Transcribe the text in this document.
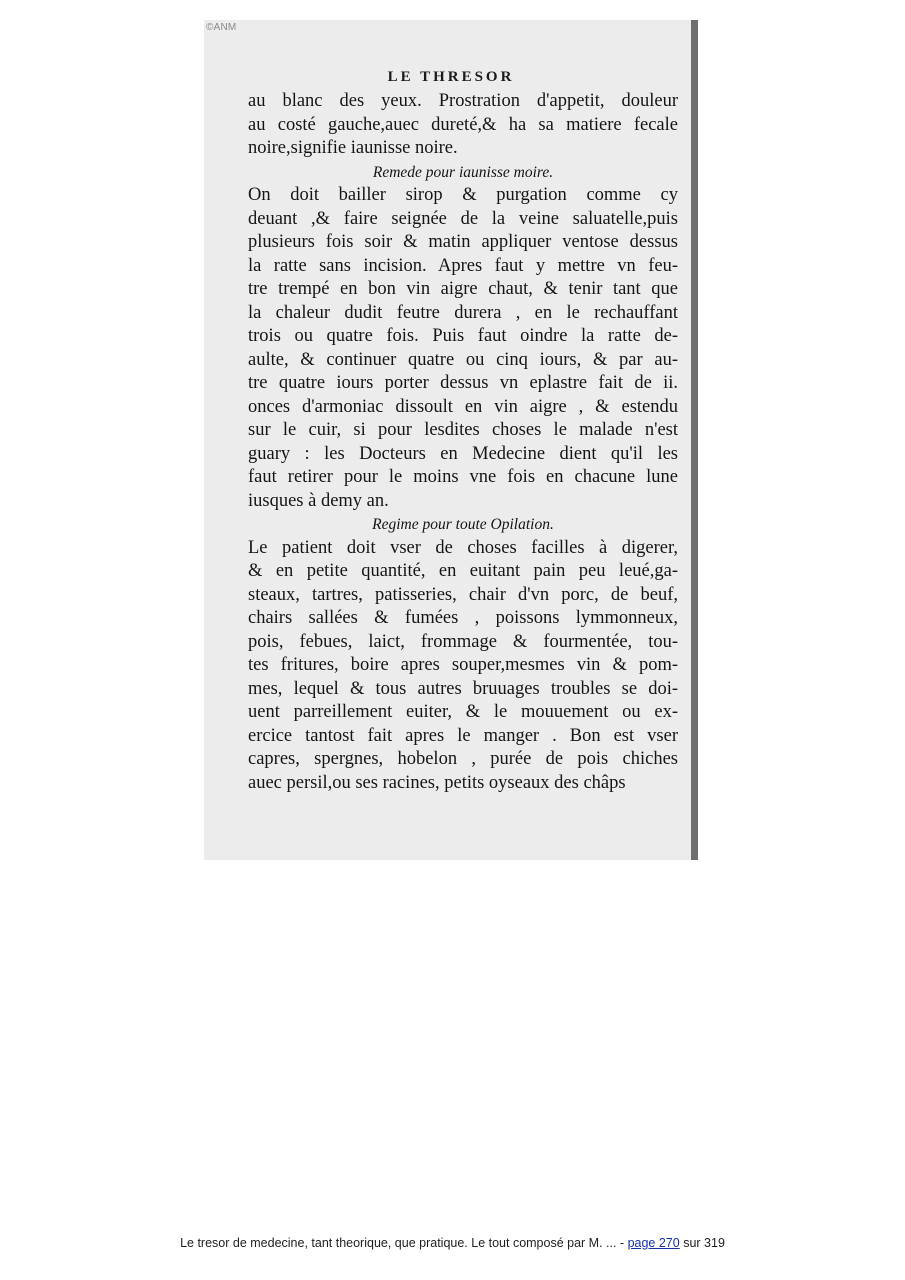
©ANM
LE THRESOR
au blanc des yeux. Prostration d'appetit, douleur
au costé gauche,auec dureté,& ha sa matiere fecale
noire,signifie iaunisse noire.
Remede pour iaunisse moire.
On doit bailler sirop & purgation comme cy
deuant ,& faire seignée de la veine saluatelle,puis
plusieurs fois soir & matin appliquer ventose dessus
la ratte sans incision. Apres faut y mettre vn feu-
tre trempé en bon vin aigre chaut, & tenir tant que
la chaleur dudit feutre durera , en le rechauffant
trois ou quatre fois. Puis faut oindre la ratte de-
aulte, & continuer quatre ou cinq iours, & par au-
tre quatre iours porter dessus vn eplastre fait de ii.
onces d'armoniac dissoult en vin aigre , & estendu
sur le cuir, si pour lesdites choses le malade n'est
guary : les Docteurs en Medecine dient qu'il les
faut retirer pour le moins vne fois en chacune lune
iusques à demy an.
Regime pour toute Opilation.
Le patient doit vser de choses facilles à digerer,
& en petite quantité, en euitant pain peu leué,ga-
steaux, tartres, patisseries, chair d'vn porc, de beuf,
chairs sallées & fumées , poissons lymmonneux,
pois, febues, laict, frommage & fourmentée, tou-
tes fritures, boire apres souper,mesmes vin & pom-
mes, lequel & tous autres bruuages troubles se doi-
uent parreillement euiter, & le mouuement ou ex-
ercice tantost fait apres le manger . Bon est vser
capres, spergnes, hobelon , purée de pois chiches
auec persil,ou ses racines, petits oyseaux des châps
Le tresor de medecine, tant theorique, que pratique. Le tout composé par M. ... - page 270 sur 319
